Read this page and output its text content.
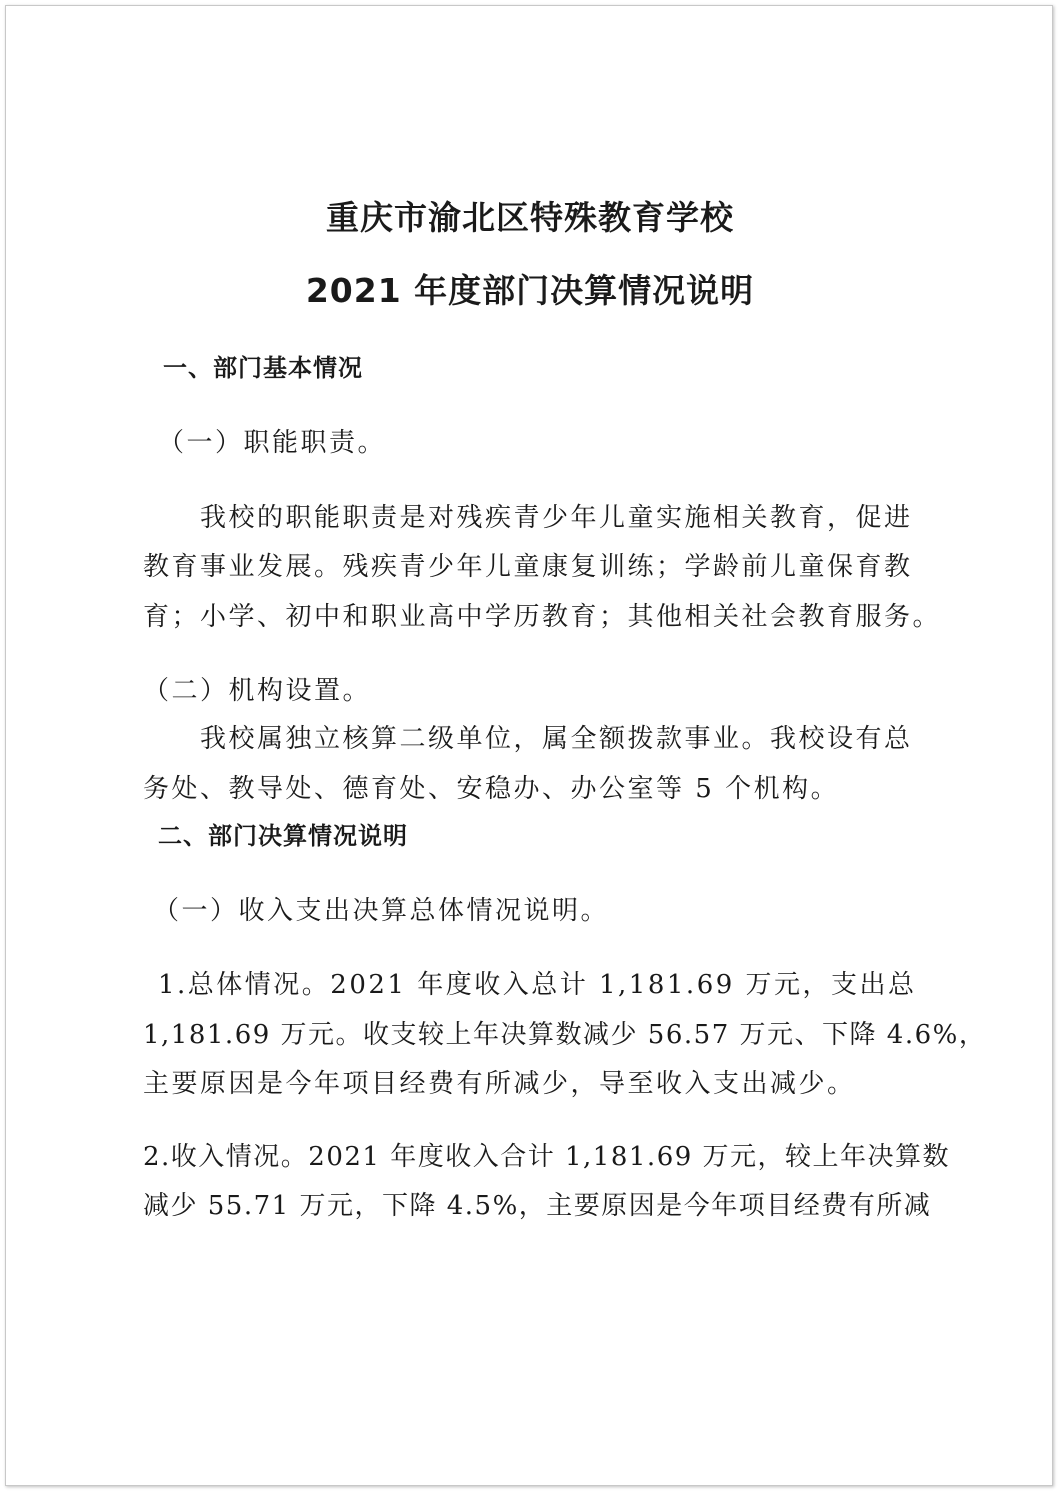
重庆市渝北区特殊教育学校
2021 年度部门决算情况说明
一、部门基本情况
（一）职能职责。
我校的职能职责是对残疾青少年儿童实施相关教育，促进
教育事业发展。残疾青少年儿童康复训练；学龄前儿童保育教
育；小学、初中和职业高中学历教育；其他相关社会教育服务。
（二）机构设置。
我校属独立核算二级单位，属全额拨款事业。我校设有总
务处、教导处、德育处、安稳办、办公室等 5 个机构。
二、部门决算情况说明
（一）收入支出决算总体情况说明。
1.总体情况。2021 年度收入总计 1,181.69 万元，支出总
1,181.69 万元。收支较上年决算数减少 56.57 万元、下降 4.6%，
主要原因是今年项目经费有所减少，导至收入支出减少。
2.收入情况。2021 年度收入合计 1,181.69 万元，较上年决算数
减少 55.71 万元，下降 4.5%，主要原因是今年项目经费有所减
